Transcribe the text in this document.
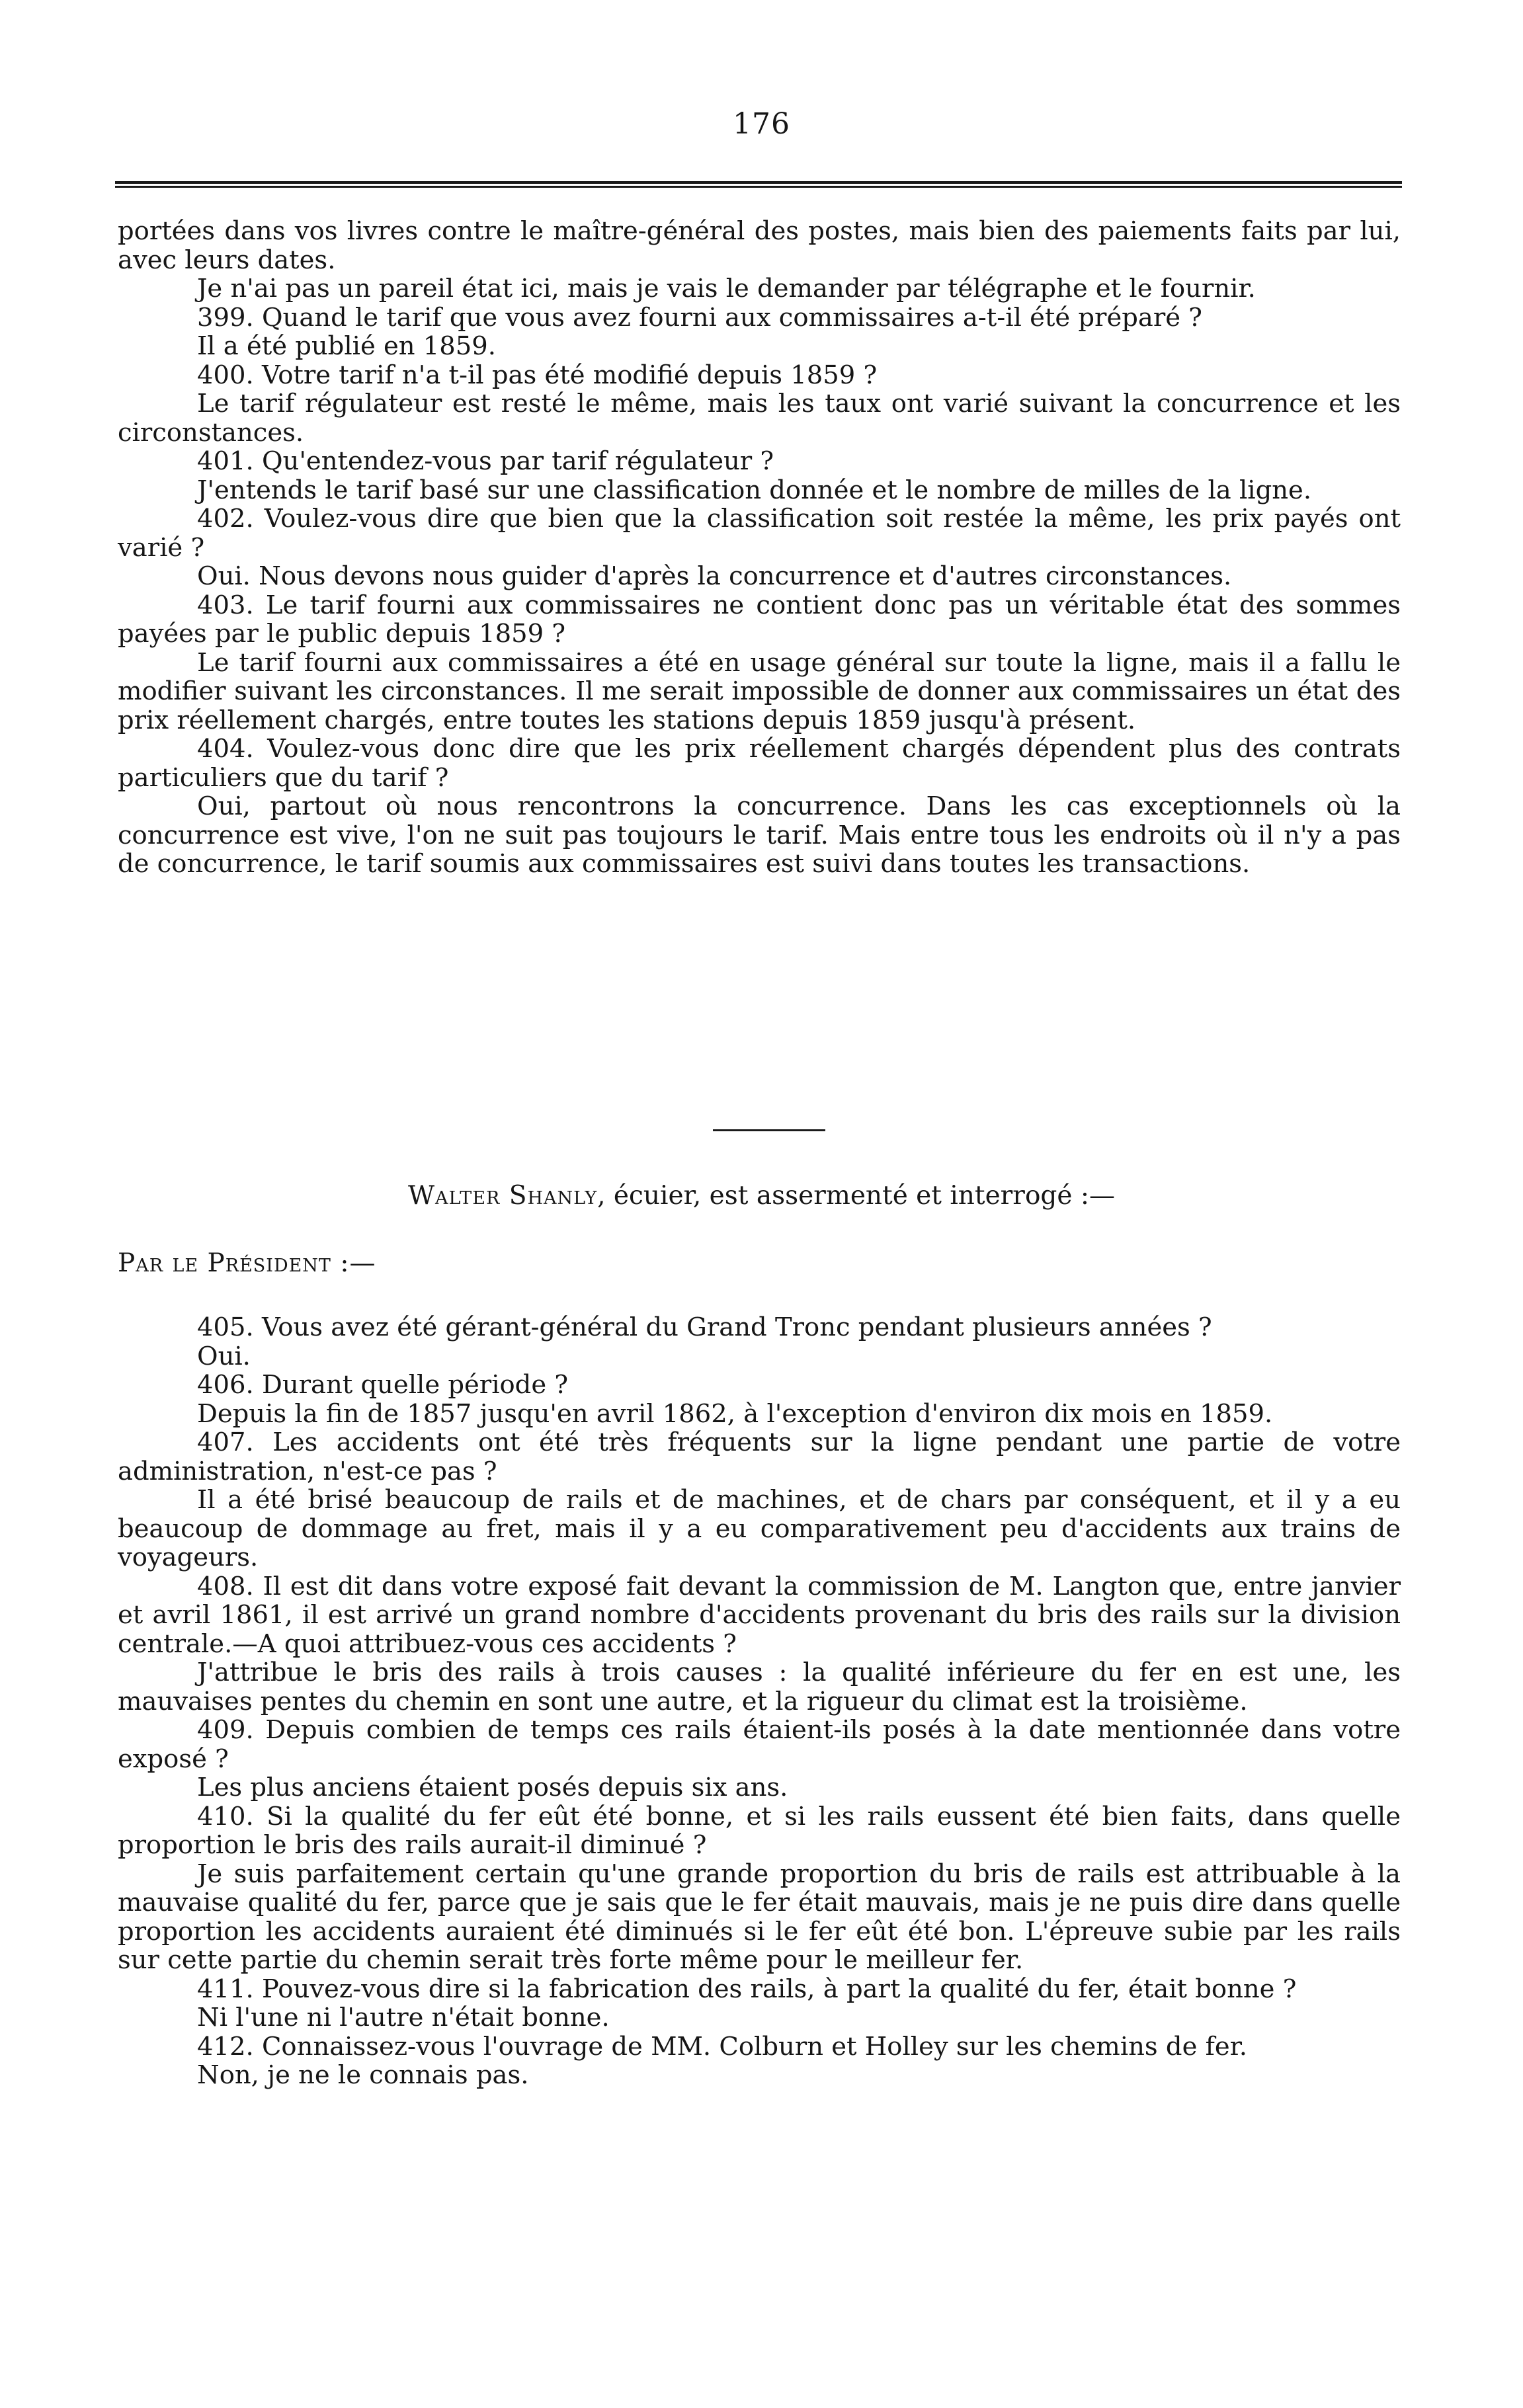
176

portées dans vos livres contre le maître-général des postes, mais bien des paiements faits par lui, avec leurs dates.

Je n'ai pas un pareil état ici, mais je vais le demander par télégraphe et le fournir.

399. Quand le tarif que vous avez fourni aux commissaires a-t-il été préparé ?

Il a été publié en 1859.

400. Votre tarif n'a t-il pas été modifié depuis 1859 ?

Le tarif régulateur est resté le même, mais les taux ont varié suivant la concurrence et les circonstances.

401. Qu'entendez-vous par tarif régulateur ?

J'entends le tarif basé sur une classification donnée et le nombre de milles de la ligne.

402. Voulez-vous dire que bien que la classification soit restée la même, les prix payés ont varié ?

Oui. Nous devons nous guider d'après la concurrence et d'autres circonstances.

403. Le tarif fourni aux commissaires ne contient donc pas un véritable état des sommes payées par le public depuis 1859 ?

Le tarif fourni aux commissaires a été en usage général sur toute la ligne, mais il a fallu le modifier suivant les circonstances. Il me serait impossible de donner aux commissaires un état des prix réellement chargés, entre toutes les stations depuis 1859 jusqu'à présent.

404. Voulez-vous donc dire que les prix réellement chargés dépendent plus des contrats particuliers que du tarif ?

Oui, partout où nous rencontrons la concurrence. Dans les cas exceptionnels où la concurrence est vive, l'on ne suit pas toujours le tarif. Mais entre tous les endroits où il n'y a pas de concurrence, le tarif soumis aux commissaires est suivi dans toutes les transactions.

Walter Shanly, écuier, est assermenté et interrogé :—
Par le Président :—

405. Vous avez été gérant-général du Grand Tronc pendant plusieurs années ?

Oui.

406. Durant quelle période ?

Depuis la fin de 1857 jusqu'en avril 1862, à l'exception d'environ dix mois en 1859.

407. Les accidents ont été très fréquents sur la ligne pendant une partie de votre administration, n'est-ce pas ?

Il a été brisé beaucoup de rails et de machines, et de chars par conséquent, et il y a eu beaucoup de dommage au fret, mais il y a eu comparativement peu d'accidents aux trains de voyageurs.

408. Il est dit dans votre exposé fait devant la commission de M. Langton que, entre janvier et avril 1861, il est arrivé un grand nombre d'accidents provenant du bris des rails sur la division centrale.—A quoi attribuez-vous ces accidents ?

J'attribue le bris des rails à trois causes : la qualité inférieure du fer en est une, les mauvaises pentes du chemin en sont une autre, et la rigueur du climat est la troisième.

409. Depuis combien de temps ces rails étaient-ils posés à la date mentionnée dans votre exposé ?

Les plus anciens étaient posés depuis six ans.

410. Si la qualité du fer eût été bonne, et si les rails eussent été bien faits, dans quelle proportion le bris des rails aurait-il diminué ?

Je suis parfaitement certain qu'une grande proportion du bris de rails est attribuable à la mauvaise qualité du fer, parce que je sais que le fer était mauvais, mais je ne puis dire dans quelle proportion les accidents auraient été diminués si le fer eût été bon. L'épreuve subie par les rails sur cette partie du chemin serait très forte même pour le meilleur fer.

411. Pouvez-vous dire si la fabrication des rails, à part la qualité du fer, était bonne ?

Ni l'une ni l'autre n'était bonne.

412. Connaissez-vous l'ouvrage de MM. Colburn et Holley sur les chemins de fer.

Non, je ne le connais pas.
